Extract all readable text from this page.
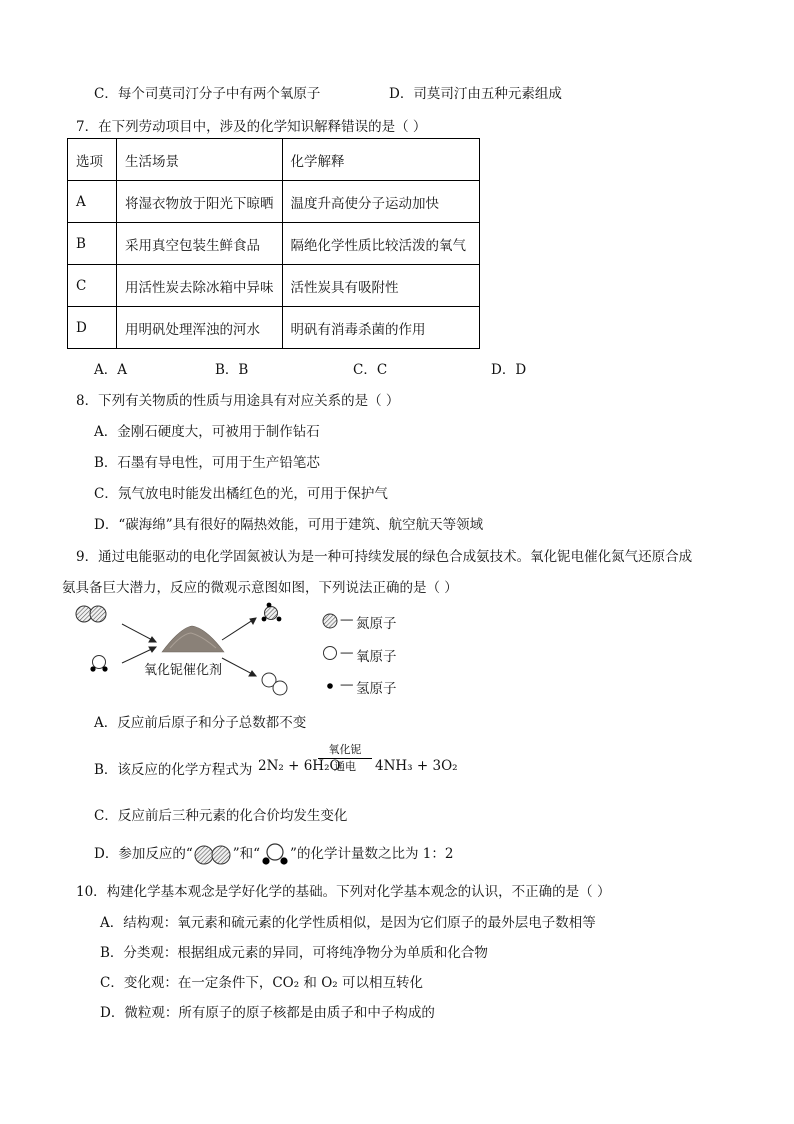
C．每个司莫司汀分子中有两个氧原子	D．司莫司汀由五种元素组成
7．在下列劳动项目中，涉及的化学知识解释错误的是（ ）
选项	生活场景	化学解释
A	将湿衣物放于阳光下晾晒	温度升高使分子运动加快
B	采用真空包装生鲜食品	隔绝化学性质比较活泼的氧气
C	用活性炭去除冰箱中异味	活性炭具有吸附性
D	用明矾处理浑浊的河水	明矾有消毒杀菌的作用
A．A	B．B	C．C	D．D
8．下列有关物质的性质与用途具有对应关系的是（ ）
A．金刚石硬度大，可被用于制作钻石
B．石墨有导电性，可用于生产铅笔芯
C．氖气放电时能发出橘红色的光，可用于保护气
D．“碳海绵”具有很好的隔热效能，可用于建筑、航空航天等领域
9．通过电能驱动的电化学固氮被认为是一种可持续发展的绿色合成氨技术。氧化铌电催化氮气还原合成
氨具备巨大潜力，反应的微观示意图如图，下列说法正确的是（ ）
氧化铌催化剂
— 氮原子
— 氧原子
— 氢原子
A．反应前后原子和分子总数都不变
B．该反应的化学方程式为 2N₂ + 6H₂O
氧化铌
通电	4NH₃ + 3O₂
C．反应前后三种元素的化合价均发生变化
D．参加反应的“	”和“ ”的化学计量数之比为 1：2
10．构建化学基本观念是学好化学的基础。下列对化学基本观念的认识，不正确的是（ ）
A．结构观：氧元素和硫元素的化学性质相似，是因为它们原子的最外层电子数相等
B．分类观：根据组成元素的异同，可将纯净物分为单质和化合物
C．变化观：在一定条件下，CO₂ 和 O₂ 可以相互转化
D．微粒观：所有原子的原子核都是由质子和中子构成的
